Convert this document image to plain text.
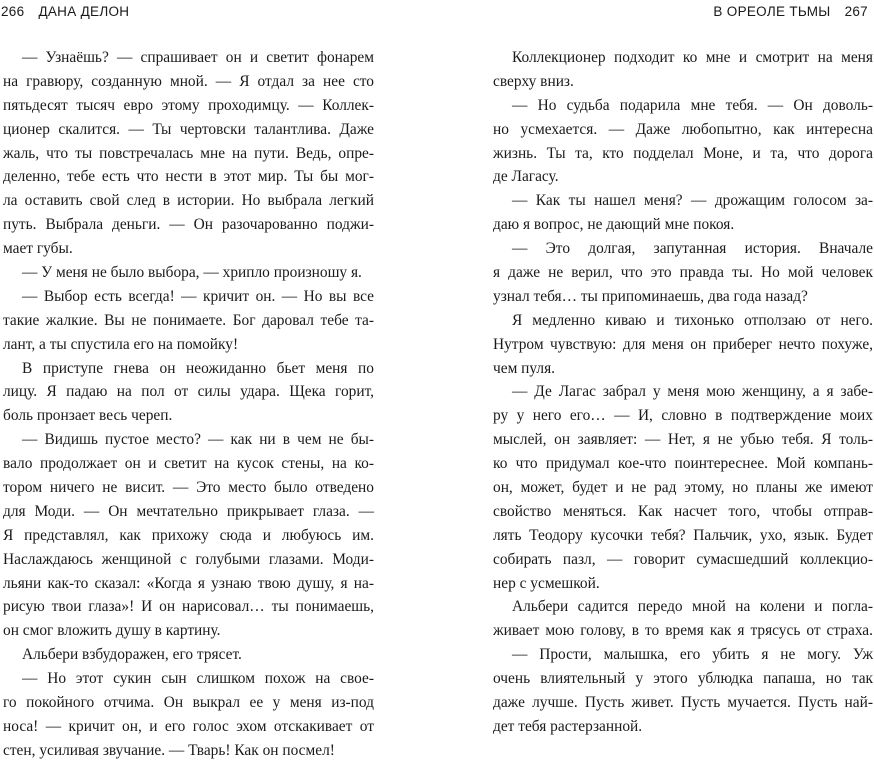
266 ДАНА ДЕЛОН
— Узнаёшь? — спрашивает он и светит фонарем
на гравюру, созданную мной. — Я отдал за нее сто
пятьдесят тысяч евро этому проходимцу. — Коллек-
ционер скалится. — Ты чертовски талантлива. Даже
жаль, что ты повстречалась мне на пути. Ведь, опре-
деленно, тебе есть что нести в этот мир. Ты бы мог-
ла оставить свой след в истории. Но выбрала легкий
путь. Выбрала деньги. — Он разочарованно поджи-
мает губы.
— У меня не было выбора, — хрипло произношу я.
— Выбор есть всегда! — кричит он. — Но вы все
такие жалкие. Вы не понимаете. Бог даровал тебе та-
лант, а ты спустила его на помойку!
В приступе гнева он неожиданно бьет меня по
лицу. Я падаю на пол от силы удара. Щека горит,
боль пронзает весь череп.
— Видишь пустое место? — как ни в чем не бы-
вало продолжает он и светит на кусок стены, на ко-
тором ничего не висит. — Это место было отведено
для Моди. — Он мечтательно прикрывает глаза. —
Я представлял, как прихожу сюда и любуюсь им.
Наслаждаюсь женщиной с голубыми глазами. Моди-
льяни как-то сказал: «Когда я узнаю твою душу, я на-
рисую твои глаза»! И он нарисовал… ты понимаешь,
он смог вложить душу в картину.
Альбери взбудоражен, его трясет.
— Но этот сукин сын слишком похож на свое-
го покойного отчима. Он выкрал ее у меня из-под
носа! — кричит он, и его голос эхом отскакивает от
стен, усиливая звучание. — Тварь! Как он посмел!
В ОРЕОЛЕ ТЬМЫ 267
Коллекционер подходит ко мне и смотрит на меня
сверху вниз.
— Но судьба подарила мне тебя. — Он доволь-
но усмехается. — Даже любопытно, как интересна
жизнь. Ты та, кто подделал Моне, и та, что дорога
де Лагасу.
— Как ты нашел меня? — дрожащим голосом за-
даю я вопрос, не дающий мне покоя.
— Это долгая, запутанная история. Вначале
я даже не верил, что это правда ты. Но мой человек
узнал тебя… ты припоминаешь, два года назад?
Я медленно киваю и тихонько отползаю от него.
Нутром чувствую: для меня он приберег нечто похуже,
чем пуля.
— Де Лагас забрал у меня мою женщину, а я забе-
ру у него его… — И, словно в подтверждение моих
мыслей, он заявляет: — Нет, я не убью тебя. Я толь-
ко что придумал кое-что поинтереснее. Мой компань-
он, может, будет и не рад этому, но планы же имеют
свойство меняться. Как насчет того, чтобы отправ-
лять Теодору кусочки тебя? Пальчик, ухо, язык. Будет
собирать пазл, — говорит сумасшедший коллекцио-
нер с усмешкой.
Альбери садится передо мной на колени и погла-
живает мою голову, в то время как я трясусь от страха.
— Прости, малышка, его убить я не могу. Уж
очень влиятельный у этого ублюдка папаша, но так
даже лучше. Пусть живет. Пусть мучается. Пусть най-
дет тебя растерзанной.
